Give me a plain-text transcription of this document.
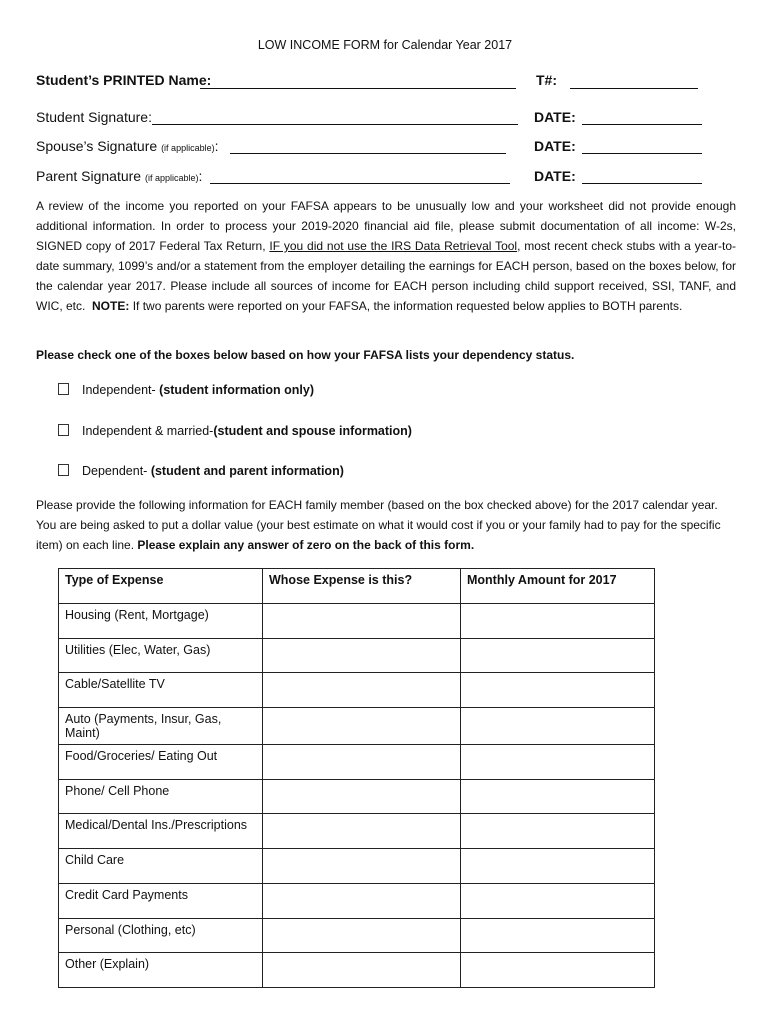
LOW INCOME FORM for Calendar Year 2017
Student’s PRINTED Name:	T#:
Student Signature:	DATE:
Spouse’s Signature (if applicable):	DATE:
Parent Signature (if applicable):	DATE:
A review of the income you reported on your FAFSA appears to be unusually low and your worksheet did not provide enough additional information. In order to process your 2019-2020 financial aid file, please submit documentation of all income: W-2s, SIGNED copy of 2017 Federal Tax Return, IF you did not use the IRS Data Retrieval Tool, most recent check stubs with a year-to-date summary, 1099’s and/or a statement from the employer detailing the earnings for EACH person, based on the boxes below, for the calendar year 2017. Please include all sources of income for EACH person including child support received, SSI, TANF, and WIC, etc. NOTE: If two parents were reported on your FAFSA, the information requested below applies to BOTH parents.
Please check one of the boxes below based on how your FAFSA lists your dependency status.
Independent- (student information only)
Independent & married-(student and spouse information)
Dependent- (student and parent information)
Please provide the following information for EACH family member (based on the box checked above) for the 2017 calendar year. You are being asked to put a dollar value (your best estimate on what it would cost if you or your family had to pay for the specific item) on each line. Please explain any answer of zero on the back of this form.
Type of Expense	Whose Expense is this?	Monthly Amount for 2017
Housing (Rent, Mortgage)		
Utilities (Elec, Water, Gas)		
Cable/Satellite TV		
Auto (Payments, Insur, Gas, Maint)		
Food/Groceries/ Eating Out		
Phone/ Cell Phone		
Medical/Dental Ins./Prescriptions		
Child Care		
Credit Card Payments		
Personal (Clothing, etc)		
Other (Explain)		
